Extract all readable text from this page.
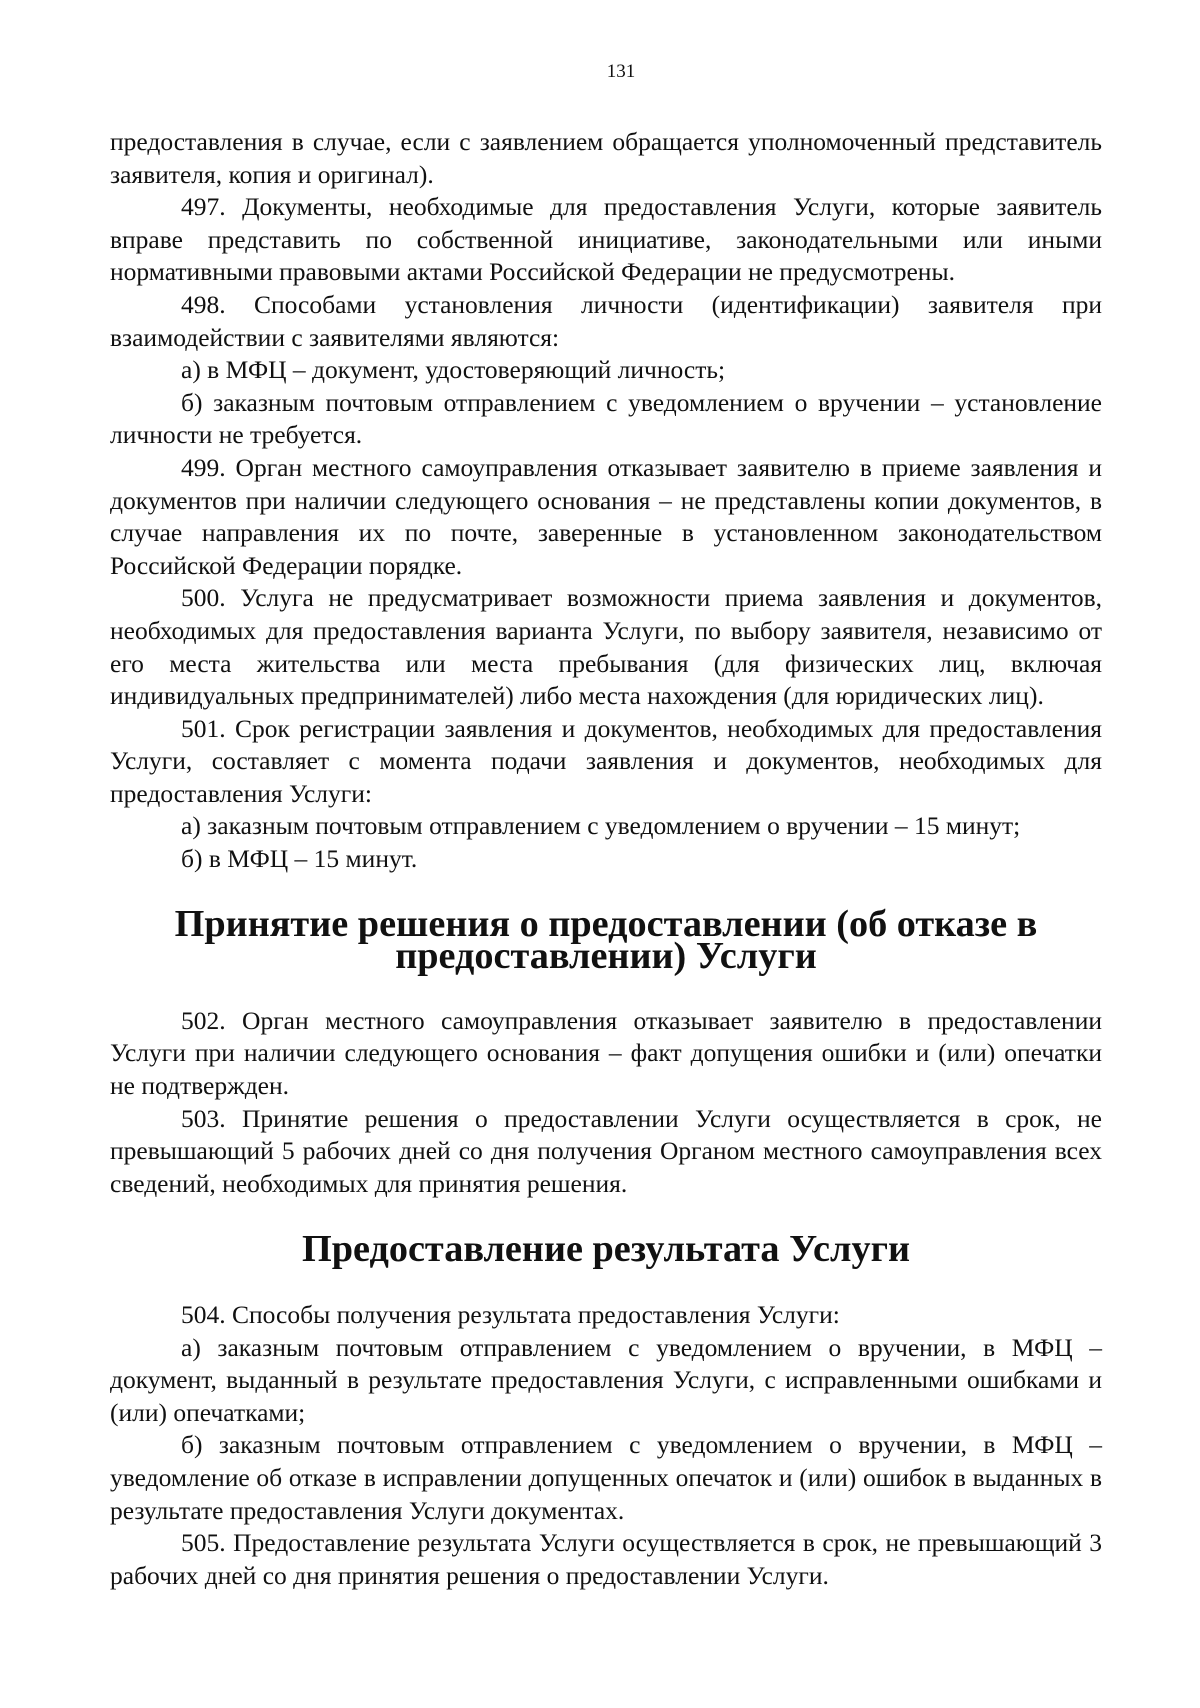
131

предоставления в случае, если с заявлением обращается уполномоченный представитель заявителя, копия и оригинал).

497. Документы, необходимые для предоставления Услуги, которые заявитель вправе представить по собственной инициативе, законодательными или иными нормативными правовыми актами Российской Федерации не предусмотрены.

498. Способами установления личности (идентификации) заявителя при взаимодействии с заявителями являются:

а) в МФЦ – документ, удостоверяющий личность;

б) заказным почтовым отправлением с уведомлением о вручении – установление личности не требуется.

499. Орган местного самоуправления отказывает заявителю в приеме заявления и документов при наличии следующего основания – не представлены копии документов, в случае направления их по почте, заверенные в установленном законодательством Российской Федерации порядке.

500. Услуга не предусматривает возможности приема заявления и документов, необходимых для предоставления варианта Услуги, по выбору заявителя, независимо от его места жительства или места пребывания (для физических лиц, включая индивидуальных предпринимателей) либо места нахождения (для юридических лиц).

501. Срок регистрации заявления и документов, необходимых для предоставления Услуги, составляет с момента подачи заявления и документов, необходимых для предоставления Услуги:

а) заказным почтовым отправлением с уведомлением о вручении – 15 минут;

б) в МФЦ – 15 минут.

Принятие решения о предоставлении (об отказе в предоставлении) Услуги

502. Орган местного самоуправления отказывает заявителю в предоставлении Услуги при наличии следующего основания – факт допущения ошибки и (или) опечатки не подтвержден.

503. Принятие решения о предоставлении Услуги осуществляется в срок, не превышающий 5 рабочих дней со дня получения Органом местного самоуправления всех сведений, необходимых для принятия решения.

Предоставление результата Услуги

504. Способы получения результата предоставления Услуги:

а) заказным почтовым отправлением с уведомлением о вручении, в МФЦ – документ, выданный в результате предоставления Услуги, с исправленными ошибками и (или) опечатками;

б) заказным почтовым отправлением с уведомлением о вручении, в МФЦ – уведомление об отказе в исправлении допущенных опечаток и (или) ошибок в выданных в результате предоставления Услуги документах.

505. Предоставление результата Услуги осуществляется в срок, не превышающий 3 рабочих дней со дня принятия решения о предоставлении Услуги.
